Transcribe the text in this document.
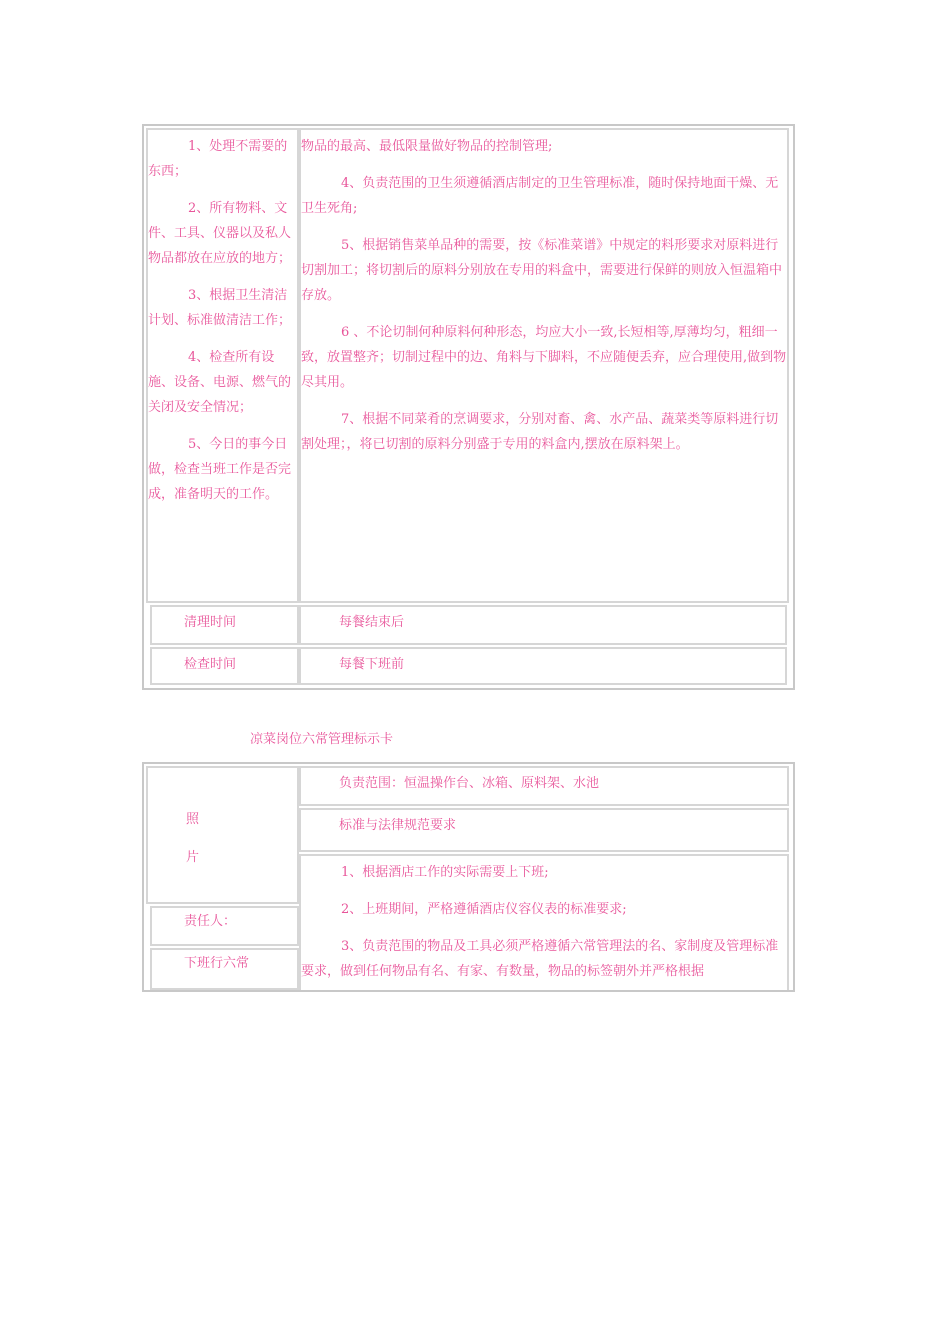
1、处理不需要的东西；

2、所有物料、文件、工具、仪器以及私人物品都放在应放的地方；

3、根据卫生清洁计划、标准做清洁工作；

4、检查所有设施、设备、电源、燃气的关闭及安全情况；

5、今日的事今日做，检查当班工作是否完成，准备明天的工作。

物品的最高、最低限量做好物品的控制管理;

4、负责范围的卫生须遵循酒店制定的卫生管理标准，随时保持地面干燥、无卫生死角;

5、根据销售菜单品种的需要，按《标准菜谱》中规定的料形要求对原料进行切割加工；将切割后的原料分别放在专用的料盒中，需要进行保鲜的则放入恒温箱中存放。

6 、不论切制何种原料何种形态，均应大小一致,长短相等,厚薄均匀，粗细一致，放置整齐；切制过程中的边、角料与下脚料，不应随便丢弃，应合理使用,做到物尽其用。

7、根据不同菜肴的烹调要求，分别对畜、禽、水产品、蔬菜类等原料进行切割处理；，将已切割的原料分别盛于专用的料盒内,摆放在原料架上。

清理时间	每餐结束后
检查时间	每餐下班前
凉菜岗位六常管理标示卡
照
片
负责范围：恒温操作台、冰箱、原料架、水池
标准与法律规范要求
责任人：
下班行六常

1、根据酒店工作的实际需要上下班;

2、上班期间，严格遵循酒店仪容仪表的标准要求;

3、负责范围的物品及工具必须严格遵循六常管理法的名、家制度及管理标准要求，做到任何物品有名、有家、有数量，物品的标签朝外并严格根据
